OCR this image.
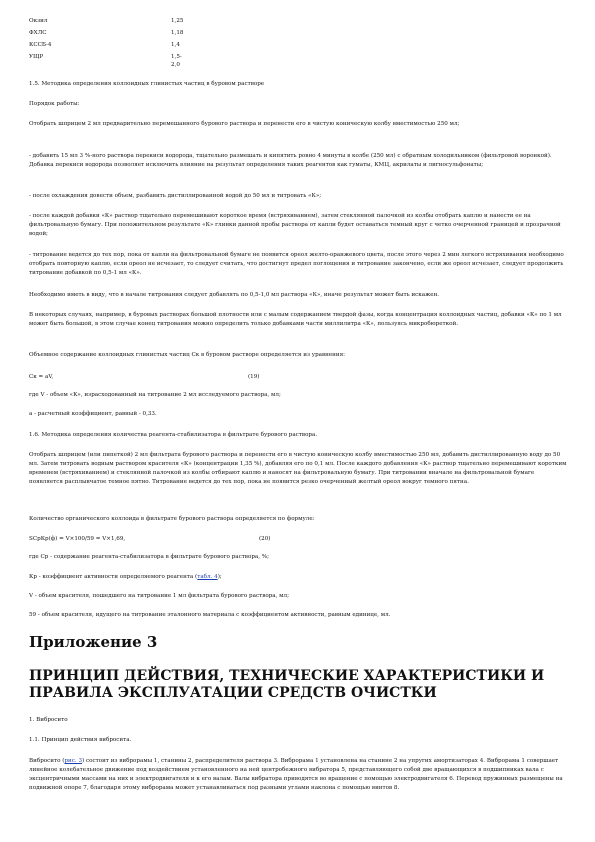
Окзил	1,25
ФХЛС	1,18
КССБ-4	1,4
УЩР	1,5-2,0

1.5. Методика определения коллоидных глинистых частиц в буровом растворе

Порядок работы:

Отобрать шприцем 2 мл предварительно перемешанного бурового раствора и перенести его в чистую коническую колбу вместимостью 250 мл;

- добавить 15 мл 3 %-ного раствора перекиси водорода, тщательно размешать и кипятить ровно 4 минуты в колбе (250 мл) с обратным холодильником (фильтровой воронкой). Добавка перекиси водорода позволяет исключить влияние на результат определения таких реагентов как гуматы, КМЦ, акрилаты и лигносульфонаты;

- после охлаждения довести объем, разбавить дистиллированной водой до 50 мл и титровать «К»;

- после каждой добавки «К» раствор тщательно перемешивают короткое время (встряхиванием), затем стеклянной палочкой из колбы отобрать каплю и нанести ее на фильтровальную бумагу. При положительном результате «К» глинки данной пробы раствора от капли будет оставаться темный круг с четко очерченной границей и прозрачной водой;

- титрование ведется до тех пор, пока от капли на фильтровальной бумаге не появится ореол желто-оранжевого цвета, после этого через 2 мин легкого встряхивания необходимо отобрать повторную каплю, если ореол не исчезает, то следует считать, что достигнут предел поглощения и титрование закончено, если же ореол исчезает, следует продолжить титрование добавкой по 0,5-1 мл «К».

Необходимо иметь в виду, что в начале титрования следует добавлять по 0,5-1,0 мл раствора «К», иначе результат может быть искажен.

В некоторых случаях, например, в буровых растворах большой плотности или с малым содержанием твердой фазы, когда концентрация коллоидных частиц, добавки «К» по 1 мл может быть большой, в этом случае конец титрования можно определить только добавками части миллилитра «К», пользуясь микробюреткой.

Объемное содержание коллоидных глинистых частиц Ск в буровом растворе определяется из уравнения:

Ск = аV,	(19)

где V - объем «К», израсходованный на титрование 2 мл исследуемого раствора, мл;

а - расчетный коэффициент, равный - 0,33.

1.6. Методика определения количества реагента-стабилизатора в фильтрате бурового раствора.

Отобрать шприцем (или пипеткой) 2 мл фильтрата бурового раствора и перенести его в чистую коническую колбу вместимостью 250 мл, добавить дистиллированную воду до 50 мл. Затем титровать водным раствором красителя «К» (концентрации 1,35 %), добавляя его по 0,1 мл. После каждого добавления «К» раствор тщательно перемешивают коротким временем (встряхиванием) и стеклянной палочкой из колбы отбирают каплю и наносят на фильтровальную бумагу. При титровании вначале на фильтровальной бумаге появляется расплывчатое темное пятно. Титрование ведется до тех пор, пока не появится резко очерченный желтый ореол вокруг темного пятна.

Количество органического коллоида в фильтрате бурового раствора определяется по формуле:

SСрКр(ф) = V×100/59 = V×1,69,	(20)

где Ср - содержание реагента-стабилизатора в фильтрате бурового раствора, %;

Кр - коэффициент активности определяемого реагента (табл. 4);

V - объем красителя, пошедшего на титрование 1 мл фильтрата бурового раствора, мл;

59 - объем красителя, идущего на титрование эталонного материала с коэффициентом активности, равным единице, мл.

Приложение 3
ПРИНЦИП ДЕЙСТВИЯ, ТЕХНИЧЕСКИЕ ХАРАКТЕРИСТИКИ И ПРАВИЛА ЭКСПЛУАТАЦИИ СРЕДСТВ ОЧИСТКИ

1. Вибросито

1.1. Принцип действия вибросита.

Вибросито (рис. 3) состоит из виброрамы 1, станины 2, распределителя раствора 3. Виброрама 1 установлена на станине 2 на упругих амортизаторах 4. Виброрама 1 совершает линейное колебательное движение под воздействием установленного на ней центробежного вибратора 5, представляющего собой две вращающихся в подшипниках вала с эксцентричными массами на них и электродвигателя и к его валам. Валы вибратора приводятся во вращение с помощью электродвигателя 6. Перевод пружинных размещены на подвижной опоре 7, благодаря этому виброрама может устанавливаться под разными углами наклона с помощью винтов 8.
